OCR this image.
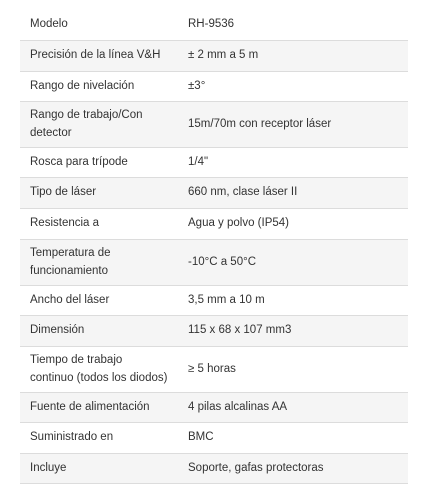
Modelo	RH-9536
Precisión de la línea V&H	± 2 mm a 5 m
Rango de nivelación	±3°
Rango de trabajo/Con detector	15m/70m con receptor láser
Rosca para trípode	1/4"
Tipo de láser	660 nm, clase láser II
Resistencia a	Agua y polvo (IP54)
Temperatura de funcionamiento	-10°C a 50°C
Ancho del láser	3,5 mm a 10 m
Dimensión	115 x 68 x 107 mm3
Tiempo de trabajo continuo (todos los diodos)	≥ 5 horas
Fuente de alimentación	4 pilas alcalinas AA
Suministrado en	BMC
Incluye	Soporte, gafas protectoras
